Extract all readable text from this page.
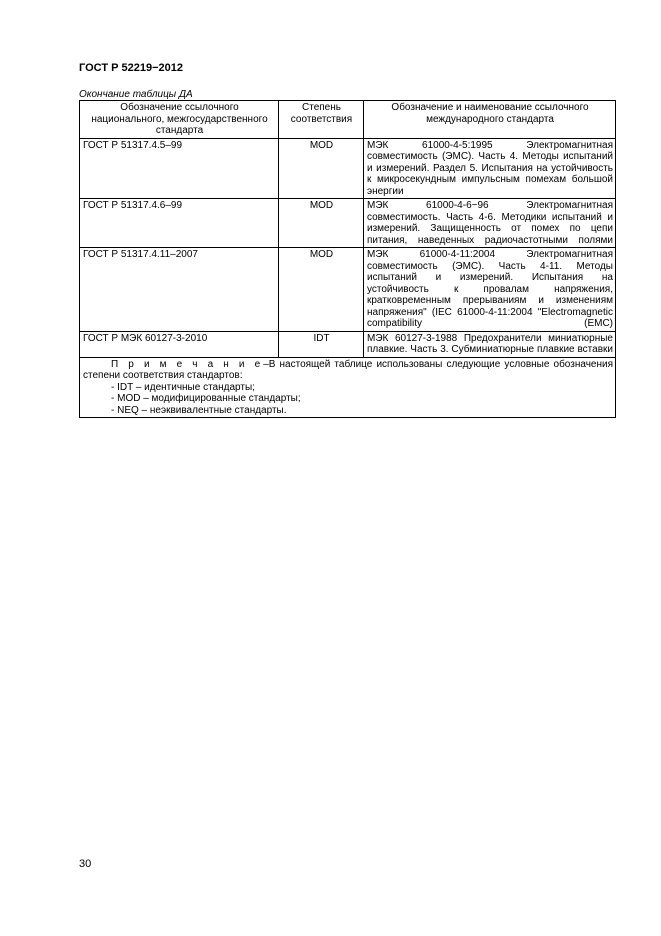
ГОСТ Р 52219−2012
Окончание таблицы ДА
Обозначение ссылочного национального, межгосударственного стандарта	Степень соответствия	Обозначение и наименование ссылочного международного стандарта
ГОСТ Р 51317.4.5–99	MOD	МЭК 61000-4-5:1995 Электромагнитная совместимость (ЭМС). Часть 4. Методы испытаний и измерений. Раздел 5. Испытания на устойчивость к микросекундным импульсным помехам большой энергии
ГОСТ Р 51317.4.6–99	MOD	МЭК 61000-4-6−96 Электромагнитная совместимость. Часть 4-6. Методики испытаний и измерений. Защищенность от помех по цепи питания, наведенных радиочастотными полями
ГОСТ Р 51317.4.11–2007	MOD	МЭК 61000-4-11:2004 Электромагнитная совместимость (ЭМС). Часть 4-11. Методы испытаний и измерений. Испытания на устойчивость к провалам напряжения, кратковременным прерываниям и изменениям напряжения" (IEC 61000-4-11:2004 "Electromagnetic compatibility (EMC)
ГОСТ Р МЭК 60127-3-2010	IDT	МЭК 60127-3-1988 Предохранители миниатюрные плавкие. Часть 3. Субминиатюрные плавкие вставки

П р и м е ч а н и е–В настоящей таблице использованы следующие условные обозначения степени соответствия стандартов:
- IDT – идентичные стандарты;
- MOD – модифицированные стандарты;
- NEQ – неэквивалентные стандарты.		
30
